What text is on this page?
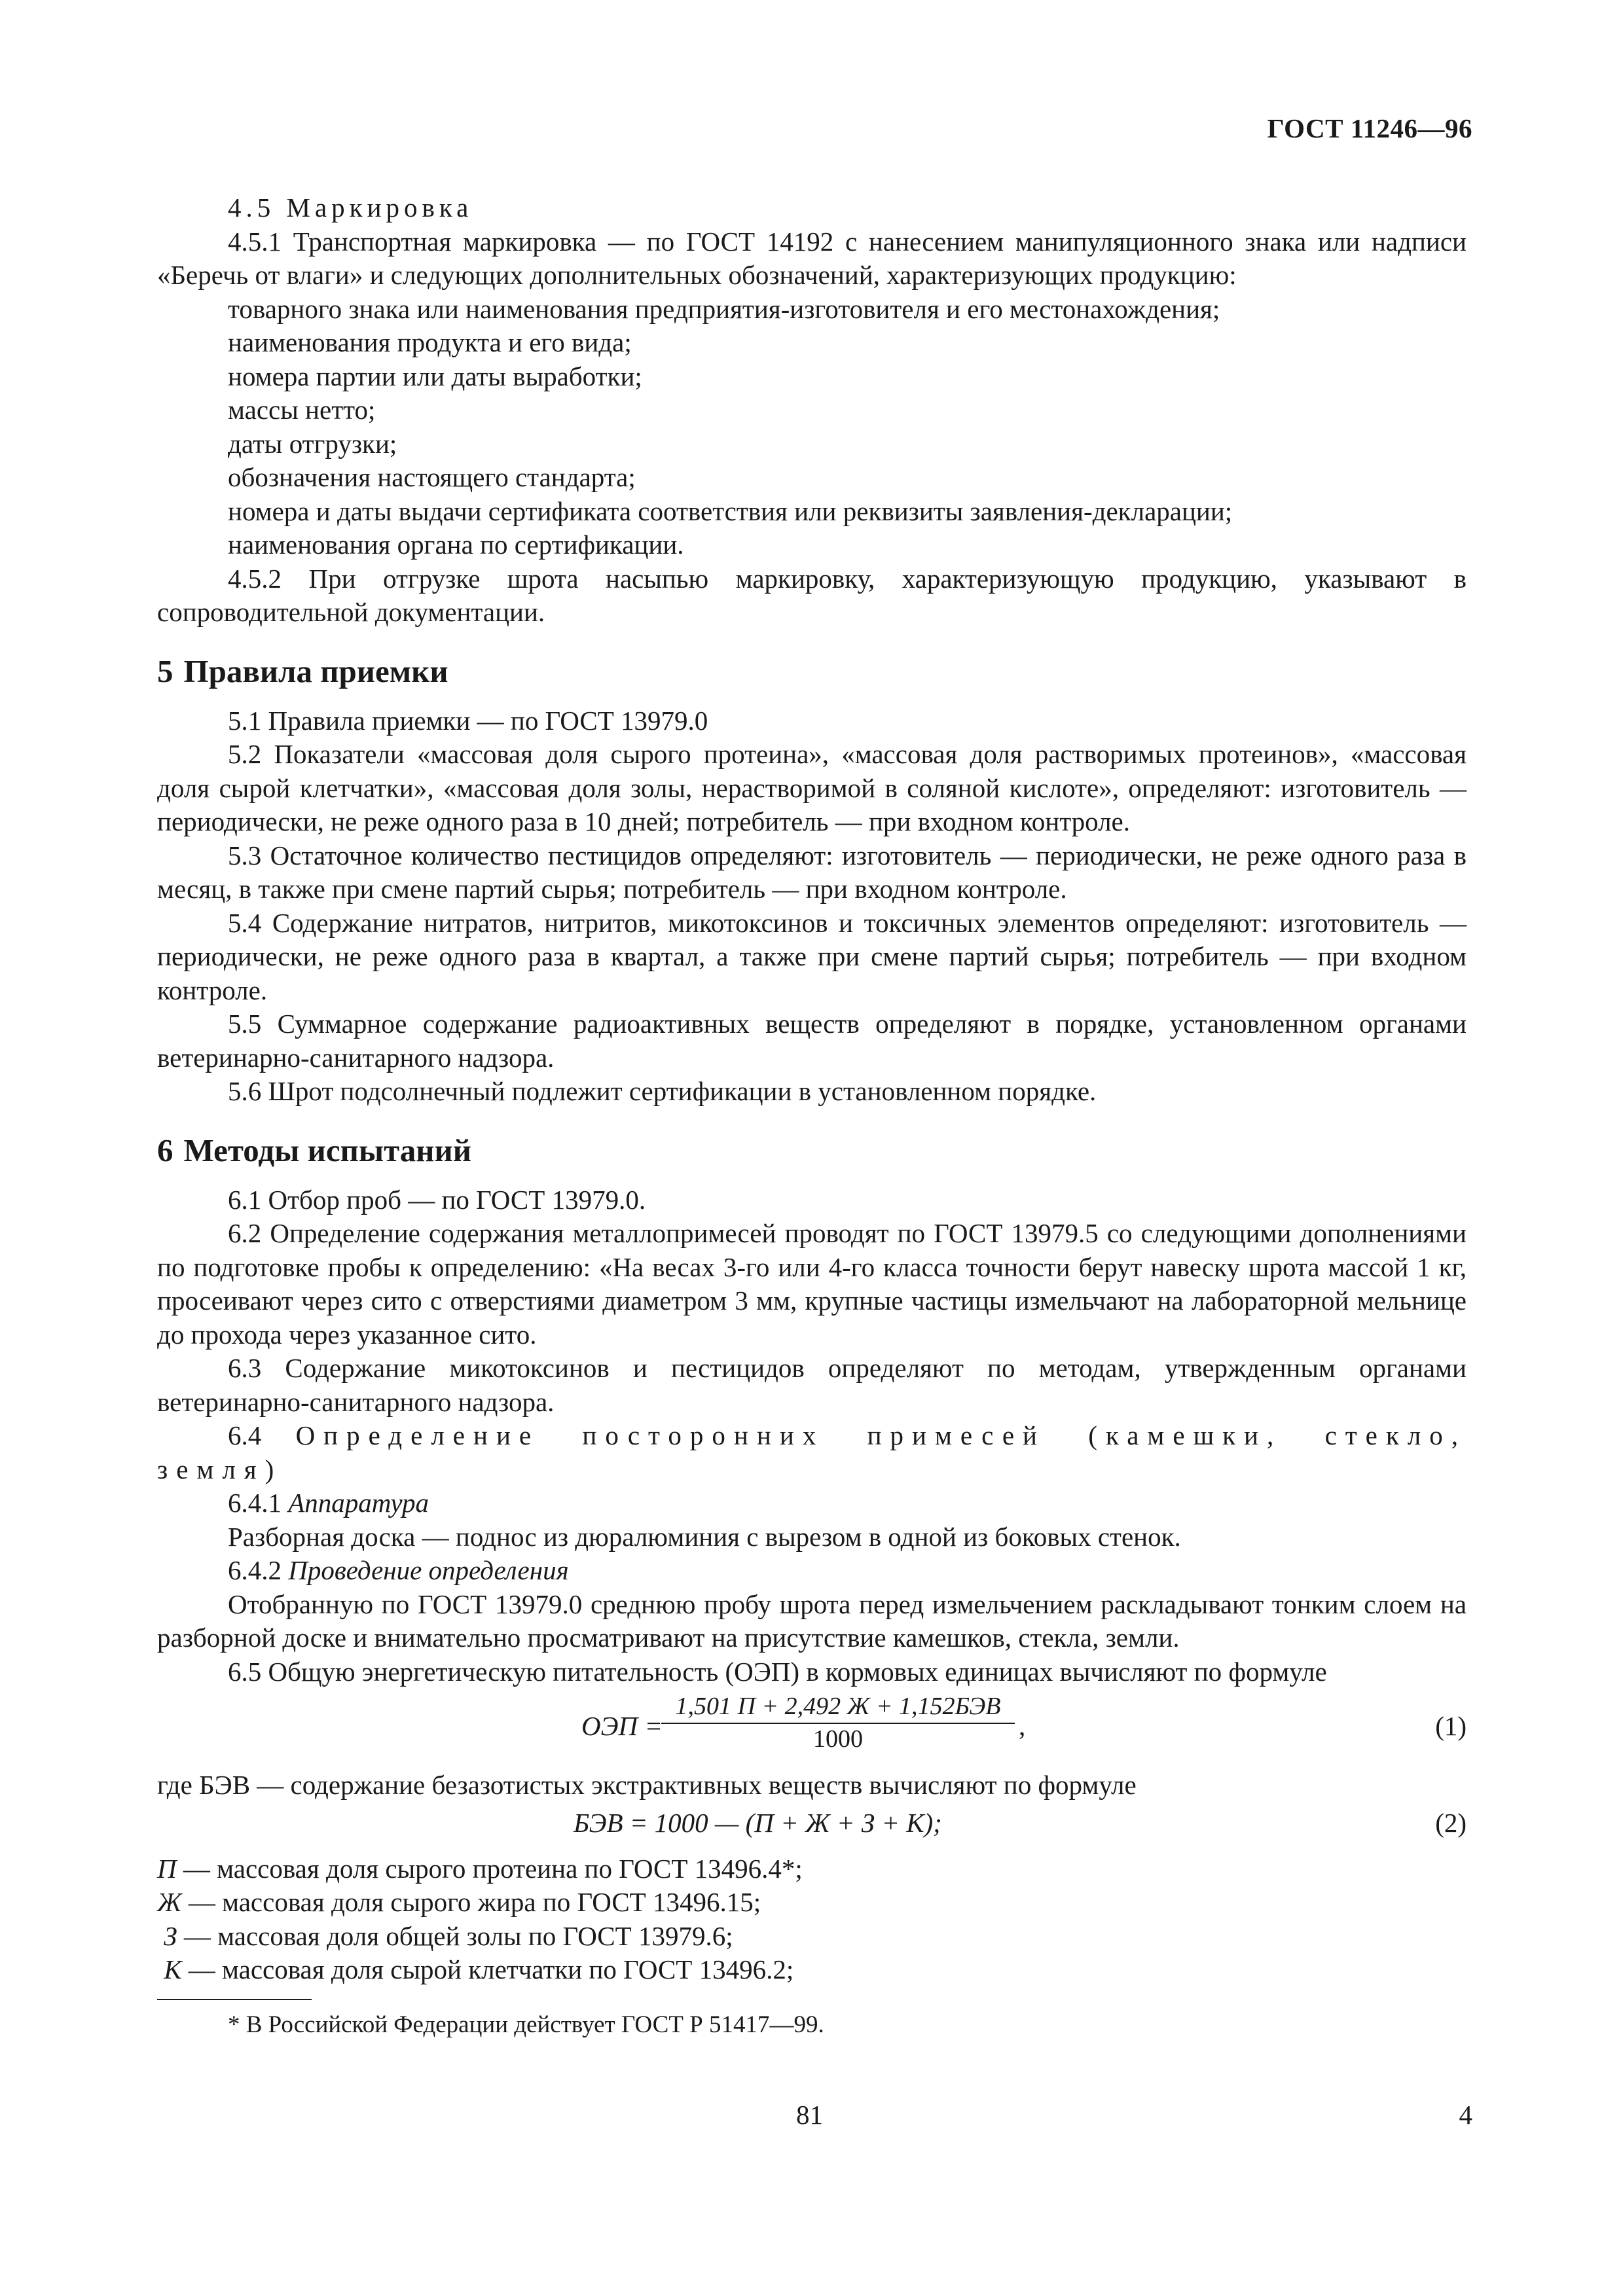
ГОСТ 11246—96

4.5 Маркировка

4.5.1 Транспортная маркировка — по ГОСТ 14192 с нанесением манипуляционного знака или надписи «Беречь от влаги» и следующих дополнительных обозначений, характеризующих продукцию:

товарного знака или наименования предприятия-изготовителя и его местонахождения;

наименования продукта и его вида;

номера партии или даты выработки;

массы нетто;

даты отгрузки;

обозначения настоящего стандарта;

номера и даты выдачи сертификата соответствия или реквизиты заявления-декларации;

наименования органа по сертификации.

4.5.2 При отгрузке шрота насыпью маркировку, характеризующую продукцию, указывают в сопроводительной документации.

5 Правила приемки

5.1 Правила приемки — по ГОСТ 13979.0

5.2 Показатели «массовая доля сырого протеина», «массовая доля растворимых протеинов», «массовая доля сырой клетчатки», «массовая доля золы, нерастворимой в соляной кислоте», определяют: изготовитель — периодически, не реже одного раза в 10 дней; потребитель — при входном контроле.

5.3 Остаточное количество пестицидов определяют: изготовитель — периодически, не реже одного раза в месяц, в также при смене партий сырья; потребитель — при входном контроле.

5.4 Содержание нитратов, нитритов, микотоксинов и токсичных элементов определяют: изготовитель — периодически, не реже одного раза в квартал, а также при смене партий сырья; потребитель — при входном контроле.

5.5 Суммарное содержание радиоактивных веществ определяют в порядке, установленном органами ветеринарно-санитарного надзора.

5.6 Шрот подсолнечный подлежит сертификации в установленном порядке.

6 Методы испытаний

6.1 Отбор проб — по ГОСТ 13979.0.

6.2 Определение содержания металлопримесей проводят по ГОСТ 13979.5 со следующими дополнениями по подготовке пробы к определению: «На весах 3-го или 4-го класса точности берут навеску шрота массой 1 кг, просеивают через сито с отверстиями диаметром 3 мм, крупные частицы измельчают на лабораторной мельнице до прохода через указанное сито.

6.3 Содержание микотоксинов и пестицидов определяют по методам, утвержденным органами ветеринарно-санитарного надзора.

6.4 Определение посторонних примесей (камешки, стекло, земля)

6.4.1 Аппаратура

Разборная доска — поднос из дюралюминия с вырезом в одной из боковых стенок.

6.4.2 Проведение определения

Отобранную по ГОСТ 13979.0 среднюю пробу шрота перед измельчением раскладывают тонким слоем на разборной доске и внимательно просматривают на присутствие камешков, стекла, земли.

6.5 Общую энергетическую питательность (ОЭП) в кормовых единицах вычисляют по формуле

ОЭП =
1,501 П + 2,492 Ж + 1,152БЭВ
1000	,	(1)

где БЭВ — содержание безазотистых экстрактивных веществ вычисляют по формуле

БЭВ = 1000 — (П + Ж + З + К);	(2)

П — массовая доля сырого протеина по ГОСТ 13496.4*;

Ж — массовая доля сырого жира по ГОСТ 13496.15;

З — массовая доля общей золы по ГОСТ 13979.6;

К — массовая доля сырой клетчатки по ГОСТ 13496.2;

* В Российской Федерации действует ГОСТ Р 51417—99.

81	4
